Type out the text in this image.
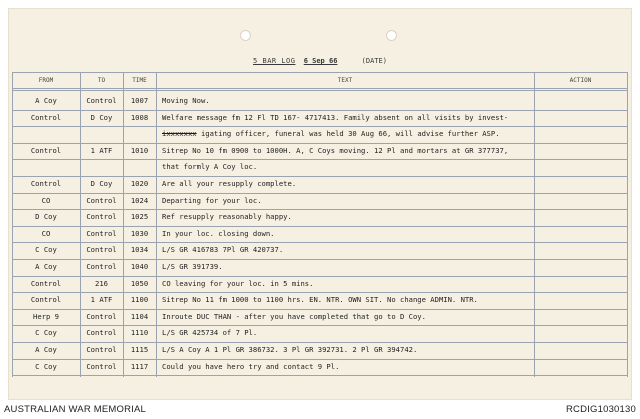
5 BAR LOG 6 Sep 66	(DATE)
FROM	TO	TIME	TEXT	ACTION
A Coy	Control	1007	Moving Now.
Control	D Coy	1008	Welfare message fm 12 Fl TD 167- 4717413. Family absent on all visits by invest-
ixxxxxxx igating officer, funeral was held 30 Aug 66, will advise further ASP.
Control	1 ATF	1010	Sitrep No 10 fm 0900 to 1000H. A, C Coys moving. 12 Pl and mortars at GR 377737,
that formly A Coy loc.
Control	D Coy	1020	Are all your resupply complete.
CO	Control	1024	Departing for your loc.
D Coy	Control	1025	Ref resupply reasonably happy.
CO	Control	1030	In your loc. closing down.
C Coy	Control	1034	L/S GR 416783 7Pl GR 420737.
A Coy	Control	1040	L/S GR 391739.
Control	216	1050	CO leaving for your loc. in 5 mins.
Control	1 ATF	1100	Sitrep No 11 fm 1000 to 1100 hrs. EN. NTR. OWN SIT. No change ADMIN. NTR.
Herp 9	Control	1104	Inroute DUC THAN - after you have completed that go to D Coy.
C Coy	Control	1110	L/S GR 425734 of 7 Pl.
A Coy	Control	1115	L/S A Coy A 1 Pl GR 386732. 3 Pl GR 392731. 2 Pl GR 394742.
C Coy	Control	1117	Could you have hero try and contact 9 Pl.
AUSTRALIAN WAR MEMORIAL	RCDIG1030130
